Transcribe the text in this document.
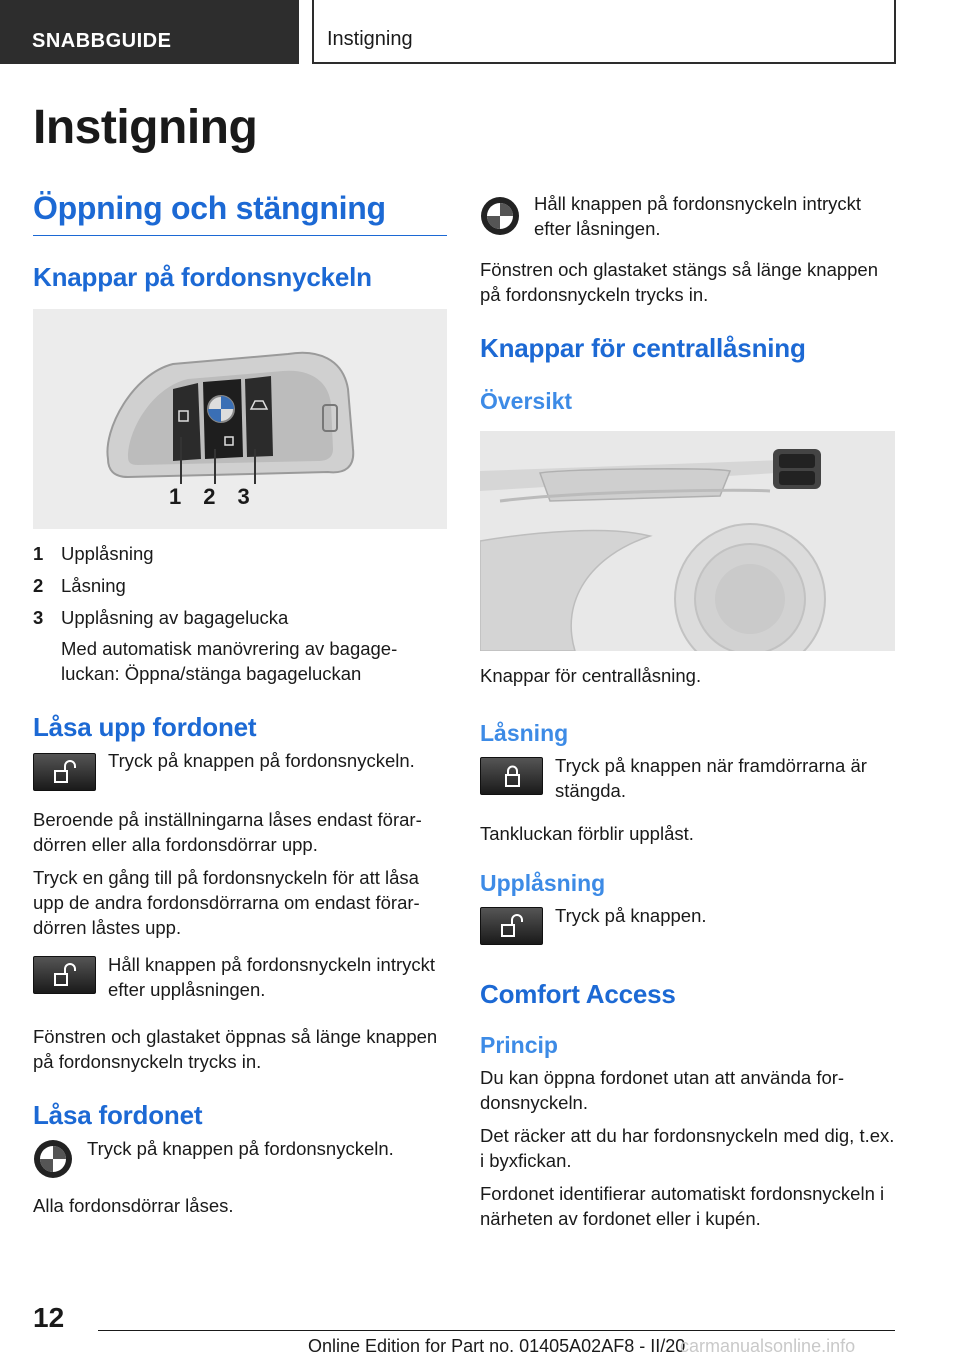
SNABBGUIDE	Instigning
Instigning
Öppning och stängning
Knappar på fordonsnyckeln
1 2 3
1 Upplåsning
2 Låsning
3 Upplåsning av bagagelucka
Med automatisk manövrering av bagage-luckan: Öppna/stänga bagageluckan
Låsa upp fordonet

Tryck på knappen på fordonsnyckeln.

Beroende på inställningarna låses endast förar-dörren eller alla fordonsdörrar upp.

Tryck en gång till på fordonsnyckeln för att låsa upp de andra fordonsdörrarna om endast förar-dörren låstes upp.

Håll knappen på fordonsnyckeln intryckt efter upplåsningen.

Fönstren och glastaket öppnas så länge knappen på fordonsnyckeln trycks in.

Låsa fordonet

Tryck på knappen på fordonsnyckeln.

Alla fordonsdörrar låses.

Håll knappen på fordonsnyckeln intryckt efter låsningen.

Fönstren och glastaket stängs så länge knappen på fordonsnyckeln trycks in.

Knappar för centrallåsning
Översikt

Knappar för centrallåsning.

Låsning

Tryck på knappen när framdörrarna är stängda.

Tankluckan förblir upplåst.

Upplåsning

Tryck på knappen.

Comfort Access
Princip

Du kan öppna fordonet utan att använda for-donsnyckeln.

Det räcker att du har fordonsnyckeln med dig, t.ex. i byxfickan.

Fordonet identifierar automatiskt fordonsnyckeln i närheten av fordonet eller i kupén.

12
Online Edition for Part no. 01405A02AF8 - II/20
carmanualsonline.info
